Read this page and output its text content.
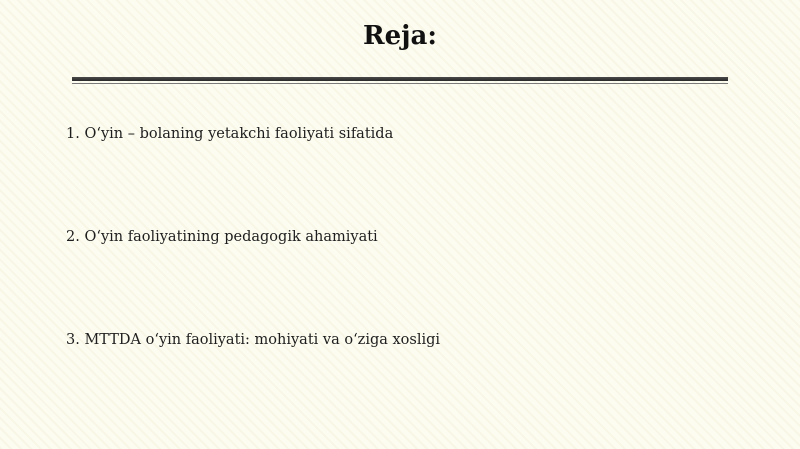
Reja:
1. O‘yin – bolaning yetakchi faoliyati sifatida
2. O‘yin faoliyatining pedagogik ahamiyati
3. MTTDA o‘yin faoliyati: mohiyati va o‘ziga xosligi
